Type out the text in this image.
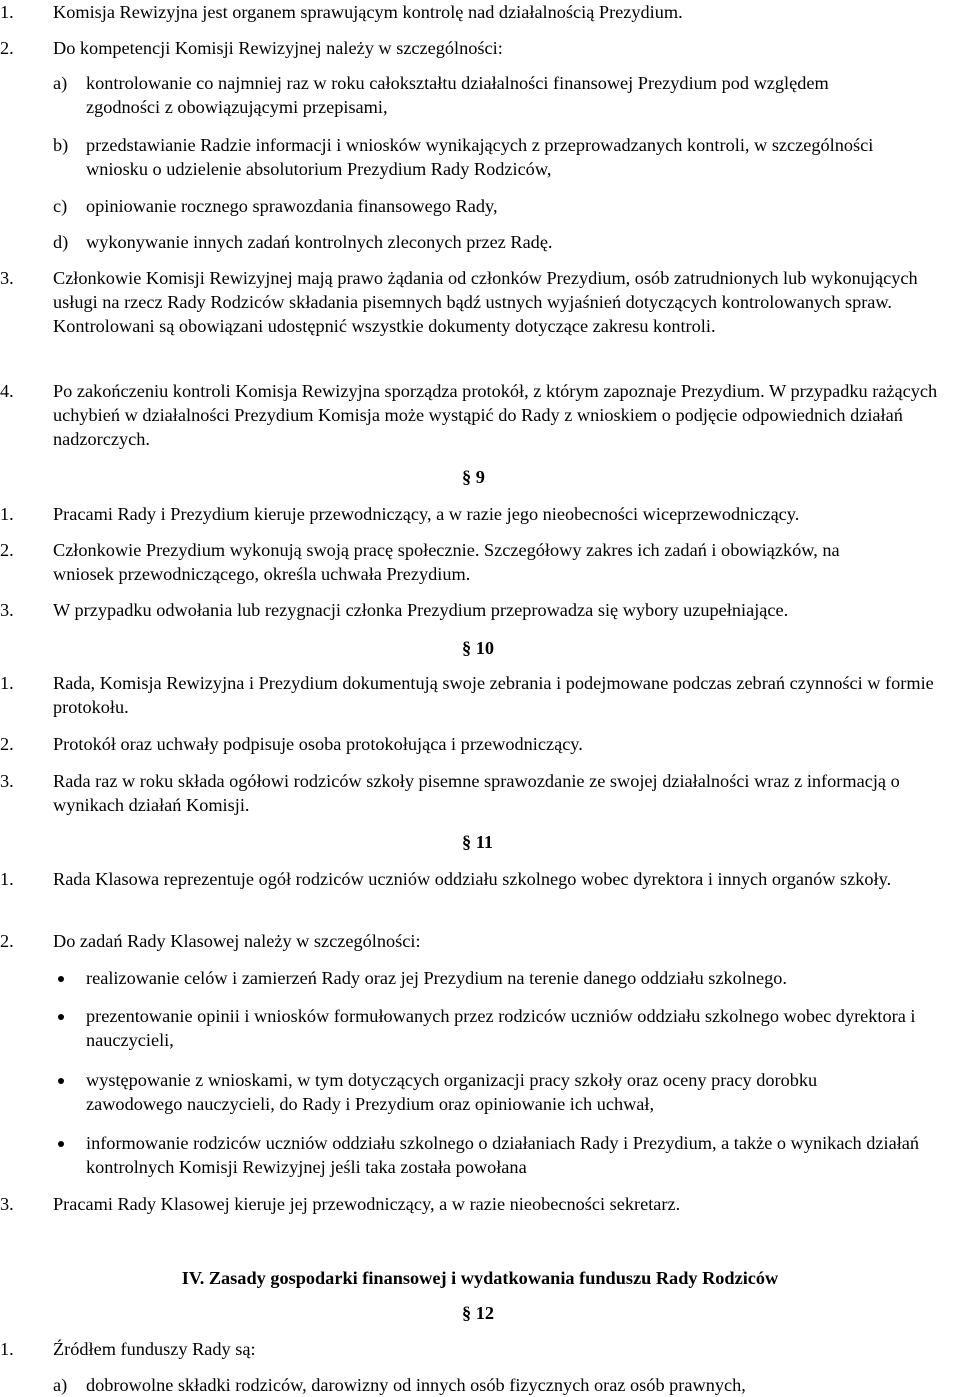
1. Komisja Rewizyjna jest organem sprawującym kontrolę nad działalnością Prezydium.
2. Do kompetencji Komisji Rewizyjnej należy w szczególności:
a) kontrolowanie co najmniej raz w roku całokształtu działalności finansowej Prezydium pod względem zgodności z obowiązującymi przepisami,
b) przedstawianie Radzie informacji i wniosków wynikających z przeprowadzanych kontroli, w szczególności wniosku o udzielenie absolutorium Prezydium Rady Rodziców,
c) opiniowanie rocznego sprawozdania finansowego Rady,
d) wykonywanie innych zadań kontrolnych zleconych przez Radę.
3. Członkowie Komisji Rewizyjnej mają prawo żądania od członków Prezydium, osób zatrudnionych lub wykonujących usługi na rzecz Rady Rodziców składania pisemnych bądź ustnych wyjaśnień dotyczących kontrolowanych spraw. Kontrolowani są obowiązani udostępnić wszystkie dokumenty dotyczące zakresu kontroli.
4. Po zakończeniu kontroli Komisja Rewizyjna sporządza protokół, z którym zapoznaje Prezydium. W przypadku rażących uchybień w działalności Prezydium Komisja może wystąpić do Rady z wnioskiem o podjęcie odpowiednich działań nadzorczych.
§ 9
1. Pracami Rady i Prezydium kieruje przewodniczący, a w razie jego nieobecności wiceprzewodniczący.
2. Członkowie Prezydium wykonują swoją pracę społecznie. Szczegółowy zakres ich zadań i obowiązków, na wniosek przewodniczącego, określa uchwała Prezydium.
3. W przypadku odwołania lub rezygnacji członka Prezydium przeprowadza się wybory uzupełniające.
§ 10
1. Rada, Komisja Rewizyjna i Prezydium dokumentują swoje zebrania i podejmowane podczas zebrań czynności w formie protokołu.
2. Protokół oraz uchwały podpisuje osoba protokołująca i przewodniczący.
3. Rada raz w roku składa ogółowi rodziców szkoły pisemne sprawozdanie ze swojej działalności wraz z informacją o wynikach działań Komisji.
§ 11
1. Rada Klasowa reprezentuje ogół rodziców uczniów oddziału szkolnego wobec dyrektora i innych organów szkoły.
2. Do zadań Rady Klasowej należy w szczególności:
realizowanie celów i zamierzeń Rady oraz jej Prezydium na terenie danego oddziału szkolnego.
prezentowanie opinii i wniosków formułowanych przez rodziców uczniów oddziału szkolnego wobec dyrektora i nauczycieli,
występowanie z wnioskami, w tym dotyczących organizacji pracy szkoły oraz oceny pracy dorobku zawodowego nauczycieli, do Rady i Prezydium oraz opiniowanie ich uchwał,
informowanie rodziców uczniów oddziału szkolnego o działaniach Rady i Prezydium, a także o wynikach działań kontrolnych Komisji Rewizyjnej jeśli taka została powołana
3. Pracami Rady Klasowej kieruje jej przewodniczący, a w razie nieobecności sekretarz.
IV. Zasady gospodarki finansowej i wydatkowania funduszu Rady Rodziców
§ 12
1. Źródłem funduszy Rady są:
a) dobrowolne składki rodziców, darowizny od innych osób fizycznych oraz osób prawnych,
